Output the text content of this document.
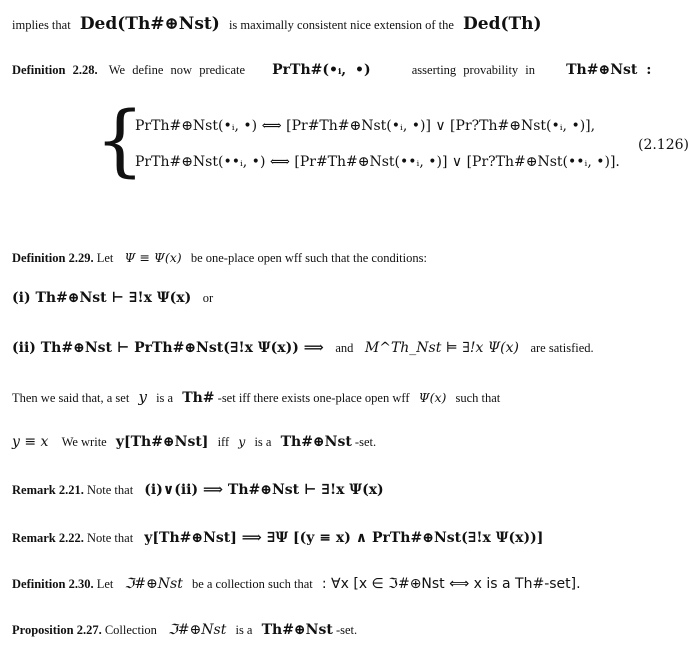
implies that Ded(Th#⊕Nst) is maximally consistent nice extension of the Ded(Th)
Definition 2.28. We define now predicate PrTh#(•ᵢ, •)	asserting provability in Th#⊕Nst :
{
PrTh#⊕Nst(•ᵢ, •) ⟺ [Pr#Th#⊕Nst(•ᵢ, •)] ∨ [Pr?Th#⊕Nst(•ᵢ, •)],
PrTh#⊕Nst(••ᵢ, •) ⟺ [Pr#Th#⊕Nst(••ᵢ, •)] ∨ [Pr?Th#⊕Nst(••ᵢ, •)].
(2.126)
Definition 2.29. Let Ψ ≡ Ψ(x) be one-place open wff such that the conditions:
(i) Th#⊕Nst ⊢ ∃!x Ψ(x) or
(ii) Th#⊕Nst ⊢ PrTh#⊕Nst(∃!x Ψ(x)) ⟹ and M^Th_Nst ⊨ ∃!x Ψ(x) are satisfied.
Then we said that, a set y is a Th# -set iff there exists one-place open wff Ψ(x) such that
y ≡ x We write y[Th#⊕Nst] iff y is a Th#⊕Nst -set.
Remark 2.21. Note that (i)∨(ii) ⟹ Th#⊕Nst ⊢ ∃!x Ψ(x)
Remark 2.22. Note that y[Th#⊕Nst] ⟹ ∃Ψ [(y ≡ x) ∧ PrTh#⊕Nst(∃!x Ψ(x))]
Definition 2.30. Let ℑ#⊕Nst be a collection such that : ∀x [x ∈ ℑ#⊕Nst ⟺ x is a Th#-set].
Proposition 2.27. Collection ℑ#⊕Nst is a Th#⊕Nst -set.
